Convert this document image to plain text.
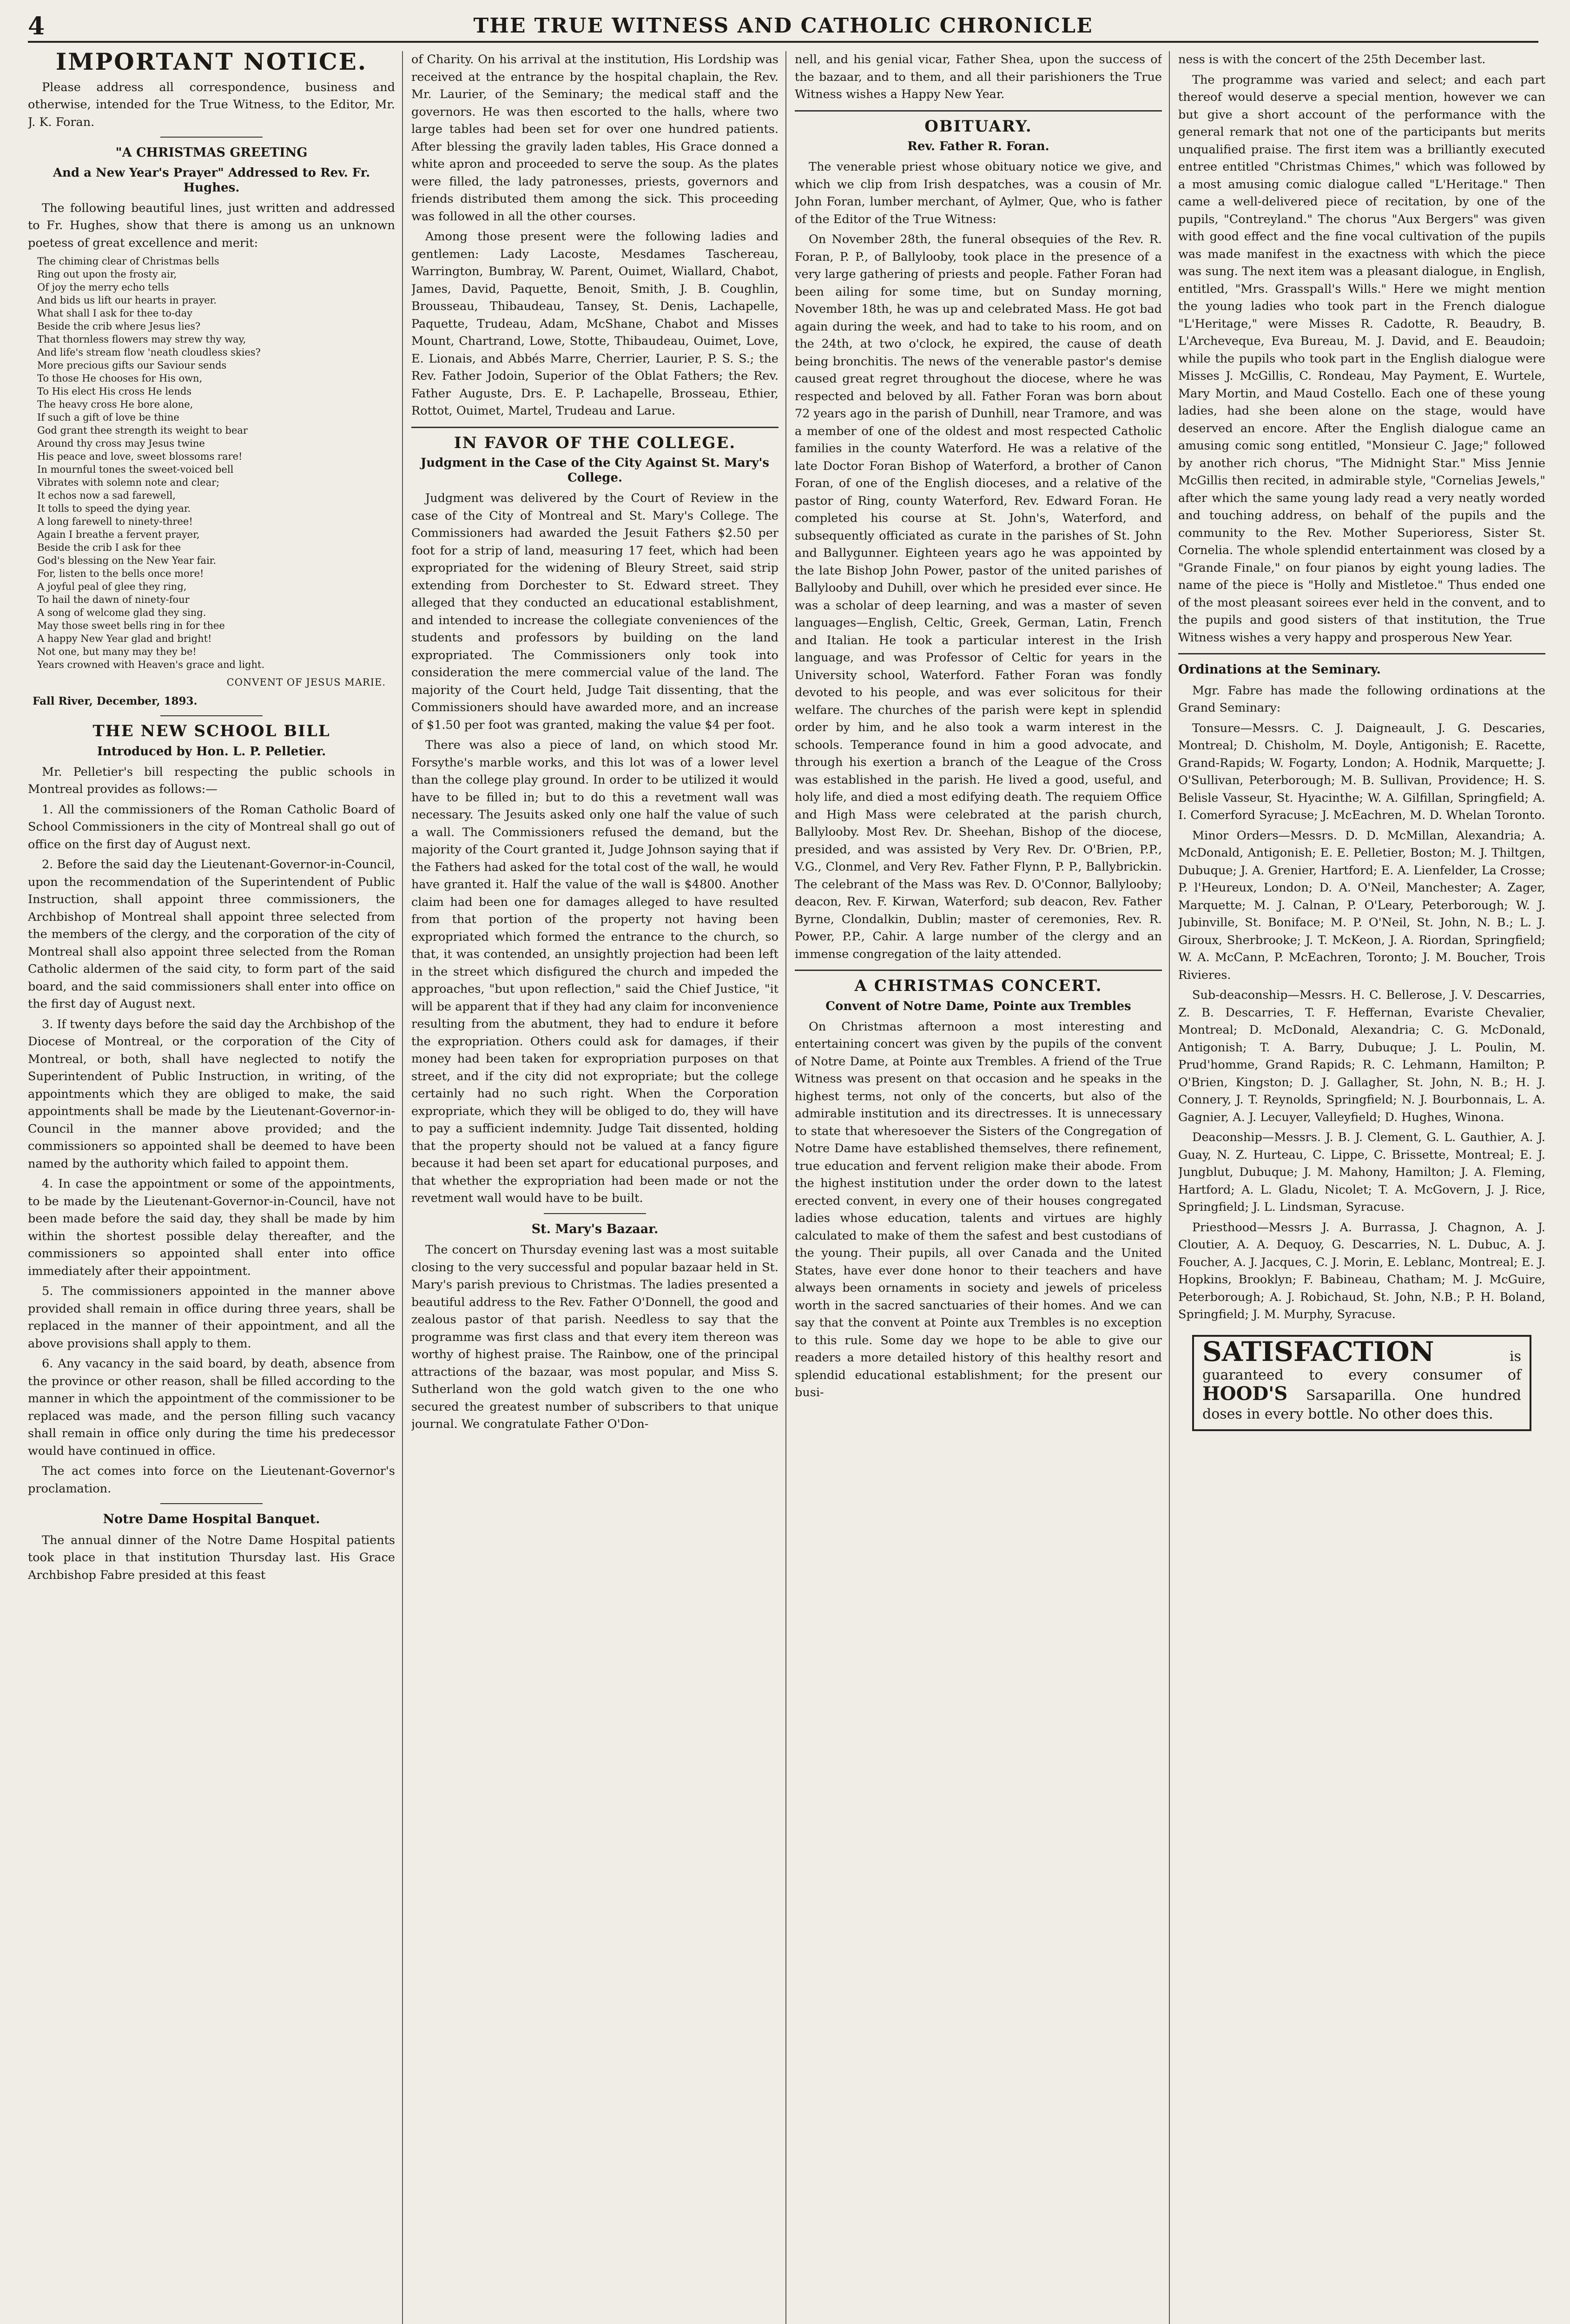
4	THE TRUE WITNESS AND CATHOLIC CHRONICLE
IMPORTANT NOTICE.

Please address all correspondence, business and otherwise, intended for the True Witness, to the Editor, Mr. J. K. Foran.

"A CHRISTMAS GREETING
And a New Year's Prayer" Addressed to Rev. Fr. Hughes.

The following beautiful lines, just written and addressed to Fr. Hughes, show that there is among us an unknown poetess of great excellence and merit:

The chiming clear of Christmas bells
Ring out upon the frosty air,
Of joy the merry echo tells
And bids us lift our hearts in prayer.
What shall I ask for thee to-day
Beside the crib where Jesus lies?
That thornless flowers may strew thy way,
And life's stream flow 'neath cloudless skies?
More precious gifts our Saviour sends
To those He chooses for His own,
To His elect His cross He lends
The heavy cross He bore alone,
If such a gift of love be thine
God grant thee strength its weight to bear
Around thy cross may Jesus twine
His peace and love, sweet blossoms rare!
In mournful tones the sweet-voiced bell
Vibrates with solemn note and clear;
It echos now a sad farewell,
It tolls to speed the dying year.
A long farewell to ninety-three!
Again I breathe a fervent prayer,
Beside the crib I ask for thee
God's blessing on the New Year fair.
For, listen to the bells once more!
A joyful peal of glee they ring,
To hail the dawn of ninety-four
A song of welcome glad they sing.
May those sweet bells ring in for thee
A happy New Year glad and bright!
Not one, but many may they be!
Years crowned with Heaven's grace and light.
CONVENT OF JESUS MARIE.
Fall River, December, 1893.
THE NEW SCHOOL BILL
Introduced by Hon. L. P. Pelletier.

Mr. Pelletier's bill respecting the public schools in Montreal provides as follows:—

1. All the commissioners of the Roman Catholic Board of School Commissioners in the city of Montreal shall go out of office on the first day of August next.

2. Before the said day the Lieutenant-Governor-in-Council, upon the recommendation of the Superintendent of Public Instruction, shall appoint three commissioners, the Archbishop of Montreal shall appoint three selected from the members of the clergy, and the corporation of the city of Montreal shall also appoint three selected from the Roman Catholic aldermen of the said city, to form part of the said board, and the said commissioners shall enter into office on the first day of August next.

3. If twenty days before the said day the Archbishop of the Diocese of Montreal, or the corporation of the City of Montreal, or both, shall have neglected to notify the Superintendent of Public Instruction, in writing, of the appointments which they are obliged to make, the said appointments shall be made by the Lieutenant-Governor-in-Council in the manner above provided; and the commissioners so appointed shall be deemed to have been named by the authority which failed to appoint them.

4. In case the appointment or some of the appointments, to be made by the Lieutenant-Governor-in-Council, have not been made before the said day, they shall be made by him within the shortest possible delay thereafter, and the commissioners so appointed shall enter into office immediately after their appointment.

5. The commissioners appointed in the manner above provided shall remain in office during three years, shall be replaced in the manner of their appointment, and all the above provisions shall apply to them.

6. Any vacancy in the said board, by death, absence from the province or other reason, shall be filled according to the manner in which the appointment of the commissioner to be replaced was made, and the person filling such vacancy shall remain in office only during the time his predecessor would have continued in office.

The act comes into force on the Lieutenant-Governor's proclamation.

Notre Dame Hospital Banquet.

The annual dinner of the Notre Dame Hospital patients took place in that institution Thursday last. His Grace Archbishop Fabre presided at this feast

of Charity. On his arrival at the institution, His Lordship was received at the entrance by the hospital chaplain, the Rev. Mr. Laurier, of the Seminary; the medical staff and the governors. He was then escorted to the halls, where two large tables had been set for over one hundred patients. After blessing the gravily laden tables, His Grace donned a white apron and proceeded to serve the soup. As the plates were filled, the lady patronesses, priests, governors and friends distributed them among the sick. This proceeding was followed in all the other courses.

Among those present were the following ladies and gentlemen: Lady Lacoste, Mesdames Taschereau, Warrington, Bumbray, W. Parent, Ouimet, Wiallard, Chabot, James, David, Paquette, Benoit, Smith, J. B. Coughlin, Brousseau, Thibaudeau, Tansey, St. Denis, Lachapelle, Paquette, Trudeau, Adam, McShane, Chabot and Misses Mount, Chartrand, Lowe, Stotte, Thibaudeau, Ouimet, Love, E. Lionais, and Abbés Marre, Cherrier, Laurier, P. S. S.; the Rev. Father Jodoin, Superior of the Oblat Fathers; the Rev. Father Auguste, Drs. E. P. Lachapelle, Brosseau, Ethier, Rottot, Ouimet, Martel, Trudeau and Larue.

IN FAVOR OF THE COLLEGE.
Judgment in the Case of the City Against St. Mary's College.

Judgment was delivered by the Court of Review in the case of the City of Montreal and St. Mary's College. The Commissioners had awarded the Jesuit Fathers $2.50 per foot for a strip of land, measuring 17 feet, which had been expropriated for the widening of Bleury Street, said strip extending from Dorchester to St. Edward street. They alleged that they conducted an educational establishment, and intended to increase the collegiate conveniences of the students and professors by building on the land expropriated. The Commissioners only took into consideration the mere commercial value of the land. The majority of the Court held, Judge Tait dissenting, that the Commissioners should have awarded more, and an increase of $1.50 per foot was granted, making the value $4 per foot.

There was also a piece of land, on which stood Mr. Forsythe's marble works, and this lot was of a lower level than the college play ground. In order to be utilized it would have to be filled in; but to do this a revetment wall was necessary. The Jesuits asked only one half the value of such a wall. The Commissioners refused the demand, but the majority of the Court granted it, Judge Johnson saying that if the Fathers had asked for the total cost of the wall, he would have granted it. Half the value of the wall is $4800. Another claim had been one for damages alleged to have resulted from that portion of the property not having been expropriated which formed the entrance to the church, so that, it was contended, an unsightly projection had been left in the street which disfigured the church and impeded the approaches, "but upon reflection," said the Chief Justice, "it will be apparent that if they had any claim for inconvenience resulting from the abutment, they had to endure it before the expropriation. Others could ask for damages, if their money had been taken for expropriation purposes on that street, and if the city did not expropriate; but the college certainly had no such right. When the Corporation expropriate, which they will be obliged to do, they will have to pay a sufficient indemnity. Judge Tait dissented, holding that the property should not be valued at a fancy figure because it had been set apart for educational purposes, and that whether the expropriation had been made or not the revetment wall would have to be built.

St. Mary's Bazaar.

The concert on Thursday evening last was a most suitable closing to the very successful and popular bazaar held in St. Mary's parish previous to Christmas. The ladies presented a beautiful address to the Rev. Father O'Donnell, the good and zealous pastor of that parish. Needless to say that the programme was first class and that every item thereon was worthy of highest praise. The Rainbow, one of the principal attractions of the bazaar, was most popular, and Miss S. Sutherland won the gold watch given to the one who secured the greatest number of subscribers to that unique journal. We congratulate Father O'Don-

nell, and his genial vicar, Father Shea, upon the success of the bazaar, and to them, and all their parishioners the True Witness wishes a Happy New Year.

OBITUARY.
Rev. Father R. Foran.

The venerable priest whose obituary notice we give, and which we clip from Irish despatches, was a cousin of Mr. John Foran, lumber merchant, of Aylmer, Que, who is father of the Editor of the True Witness:

On November 28th, the funeral obsequies of the Rev. R. Foran, P. P., of Ballylooby, took place in the presence of a very large gathering of priests and people. Father Foran had been ailing for some time, but on Sunday morning, November 18th, he was up and celebrated Mass. He got bad again during the week, and had to take to his room, and on the 24th, at two o'clock, he expired, the cause of death being bronchitis. The news of the venerable pastor's demise caused great regret throughout the diocese, where he was respected and beloved by all. Father Foran was born about 72 years ago in the parish of Dunhill, near Tramore, and was a member of one of the oldest and most respected Catholic families in the county Waterford. He was a relative of the late Doctor Foran Bishop of Waterford, a brother of Canon Foran, of one of the English dioceses, and a relative of the pastor of Ring, county Waterford, Rev. Edward Foran. He completed his course at St. John's, Waterford, and subsequently officiated as curate in the parishes of St. John and Ballygunner. Eighteen years ago he was appointed by the late Bishop John Power, pastor of the united parishes of Ballylooby and Duhill, over which he presided ever since. He was a scholar of deep learning, and was a master of seven languages—English, Celtic, Greek, German, Latin, French and Italian. He took a particular interest in the Irish language, and was Professor of Celtic for years in the University school, Waterford. Father Foran was fondly devoted to his people, and was ever solicitous for their welfare. The churches of the parish were kept in splendid order by him, and he also took a warm interest in the schools. Temperance found in him a good advocate, and through his exertion a branch of the League of the Cross was established in the parish. He lived a good, useful, and holy life, and died a most edifying death. The requiem Office and High Mass were celebrated at the parish church, Ballylooby. Most Rev. Dr. Sheehan, Bishop of the diocese, presided, and was assisted by Very Rev. Dr. O'Brien, P.P., V.G., Clonmel, and Very Rev. Father Flynn, P. P., Ballybrickin. The celebrant of the Mass was Rev. D. O'Connor, Ballylooby; deacon, Rev. F. Kirwan, Waterford; sub deacon, Rev. Father Byrne, Clondalkin, Dublin; master of ceremonies, Rev. R. Power, P.P., Cahir. A large number of the clergy and an immense congregation of the laity attended.

A CHRISTMAS CONCERT.
Convent of Notre Dame, Pointe aux Trembles

On Christmas afternoon a most interesting and entertaining concert was given by the pupils of the convent of Notre Dame, at Pointe aux Trembles. A friend of the True Witness was present on that occasion and he speaks in the highest terms, not only of the concerts, but also of the admirable institution and its directresses. It is unnecessary to state that wheresoever the Sisters of the Congregation of Notre Dame have established themselves, there refinement, true education and fervent religion make their abode. From the highest institution under the order down to the latest erected convent, in every one of their houses congregated ladies whose education, talents and virtues are highly calculated to make of them the safest and best custodians of the young. Their pupils, all over Canada and the United States, have ever done honor to their teachers and have always been ornaments in society and jewels of priceless worth in the sacred sanctuaries of their homes. And we can say that the convent at Pointe aux Trembles is no exception to this rule. Some day we hope to be able to give our readers a more detailed history of this healthy resort and splendid educational establishment; for the present our busi-

ness is with the concert of the 25th December last.

The programme was varied and select; and each part thereof would deserve a special mention, however we can but give a short account of the performance with the general remark that not one of the participants but merits unqualified praise. The first item was a brilliantly executed entree entitled "Christmas Chimes," which was followed by a most amusing comic dialogue called "L'Heritage." Then came a well-delivered piece of recitation, by one of the pupils, "Contreyland." The chorus "Aux Bergers" was given with good effect and the fine vocal cultivation of the pupils was made manifest in the exactness with which the piece was sung. The next item was a pleasant dialogue, in English, entitled, "Mrs. Grasspall's Wills." Here we might mention the young ladies who took part in the French dialogue "L'Heritage," were Misses R. Cadotte, R. Beaudry, B. L'Archeveque, Eva Bureau, M. J. David, and E. Beaudoin; while the pupils who took part in the English dialogue were Misses J. McGillis, C. Rondeau, May Payment, E. Wurtele, Mary Mortin, and Maud Costello. Each one of these young ladies, had she been alone on the stage, would have deserved an encore. After the English dialogue came an amusing comic song entitled, "Monsieur C. Jage;" followed by another rich chorus, "The Midnight Star." Miss Jennie McGillis then recited, in admirable style, "Cornelias Jewels," after which the same young lady read a very neatly worded and touching address, on behalf of the pupils and the community to the Rev. Mother Superioress, Sister St. Cornelia. The whole splendid entertainment was closed by a "Grande Finale," on four pianos by eight young ladies. The name of the piece is "Holly and Mistletoe." Thus ended one of the most pleasant soirees ever held in the convent, and to the pupils and good sisters of that institution, the True Witness wishes a very happy and prosperous New Year.

Ordinations at the Seminary.

Mgr. Fabre has made the following ordinations at the Grand Seminary:

Tonsure—Messrs. C. J. Daigneault, J. G. Descaries, Montreal; D. Chisholm, M. Doyle, Antigonish; E. Racette, Grand-Rapids; W. Fogarty, London; A. Hodnik, Marquette; J. O'Sullivan, Peterborough; M. B. Sullivan, Providence; H. S. Belisle Vasseur, St. Hyacinthe; W. A. Gilfillan, Springfield; A. I. Comerford Syracuse; J. McEachren, M. D. Whelan Toronto.

Minor Orders—Messrs. D. D. McMillan, Alexandria; A. McDonald, Antigonish; E. E. Pelletier, Boston; M. J. Thiltgen, Dubuque; J. A. Grenier, Hartford; E. A. Lienfelder, La Crosse; P. l'Heureux, London; D. A. O'Neil, Manchester; A. Zager, Marquette; M. J. Calnan, P. O'Leary, Peterborough; W. J. Jubinville, St. Boniface; M. P. O'Neil, St. John, N. B.; L. J. Giroux, Sherbrooke; J. T. McKeon, J. A. Riordan, Springfield; W. A. McCann, P. McEachren, Toronto; J. M. Boucher, Trois Rivieres.

Sub-deaconship—Messrs. H. C. Bellerose, J. V. Descarries, Z. B. Descarries, T. F. Heffernan, Evariste Chevalier, Montreal; D. McDonald, Alexandria; C. G. McDonald, Antigonish; T. A. Barry, Dubuque; J. L. Poulin, M. Prud'homme, Grand Rapids; R. C. Lehmann, Hamilton; P. O'Brien, Kingston; D. J. Gallagher, St. John, N. B.; H. J. Connery, J. T. Reynolds, Springfield; N. J. Bourbonnais, L. A. Gagnier, A. J. Lecuyer, Valleyfield; D. Hughes, Winona.

Deaconship—Messrs. J. B. J. Clement, G. L. Gauthier, A. J. Guay, N. Z. Hurteau, C. Lippe, C. Brissette, Montreal; E. J. Jungblut, Dubuque; J. M. Mahony, Hamilton; J. A. Fleming, Hartford; A. L. Gladu, Nicolet; T. A. McGovern, J. J. Rice, Springfield; J. L. Lindsman, Syracuse.

Priesthood—Messrs J. A. Burrassa, J. Chagnon, A. J. Cloutier, A. A. Dequoy, G. Descarries, N. L. Dubuc, A. J. Foucher, A. J. Jacques, C. J. Morin, E. Leblanc, Montreal; E. J. Hopkins, Brooklyn; F. Babineau, Chatham; M. J. McGuire, Peterborough; A. J. Robichaud, St. John, N.B.; P. H. Boland, Springfield; J. M. Murphy, Syracuse.

SATISFACTION	is guaranteed to every consumer of HOOD'S Sarsaparilla. One hundred doses in every bottle. No other does this.
